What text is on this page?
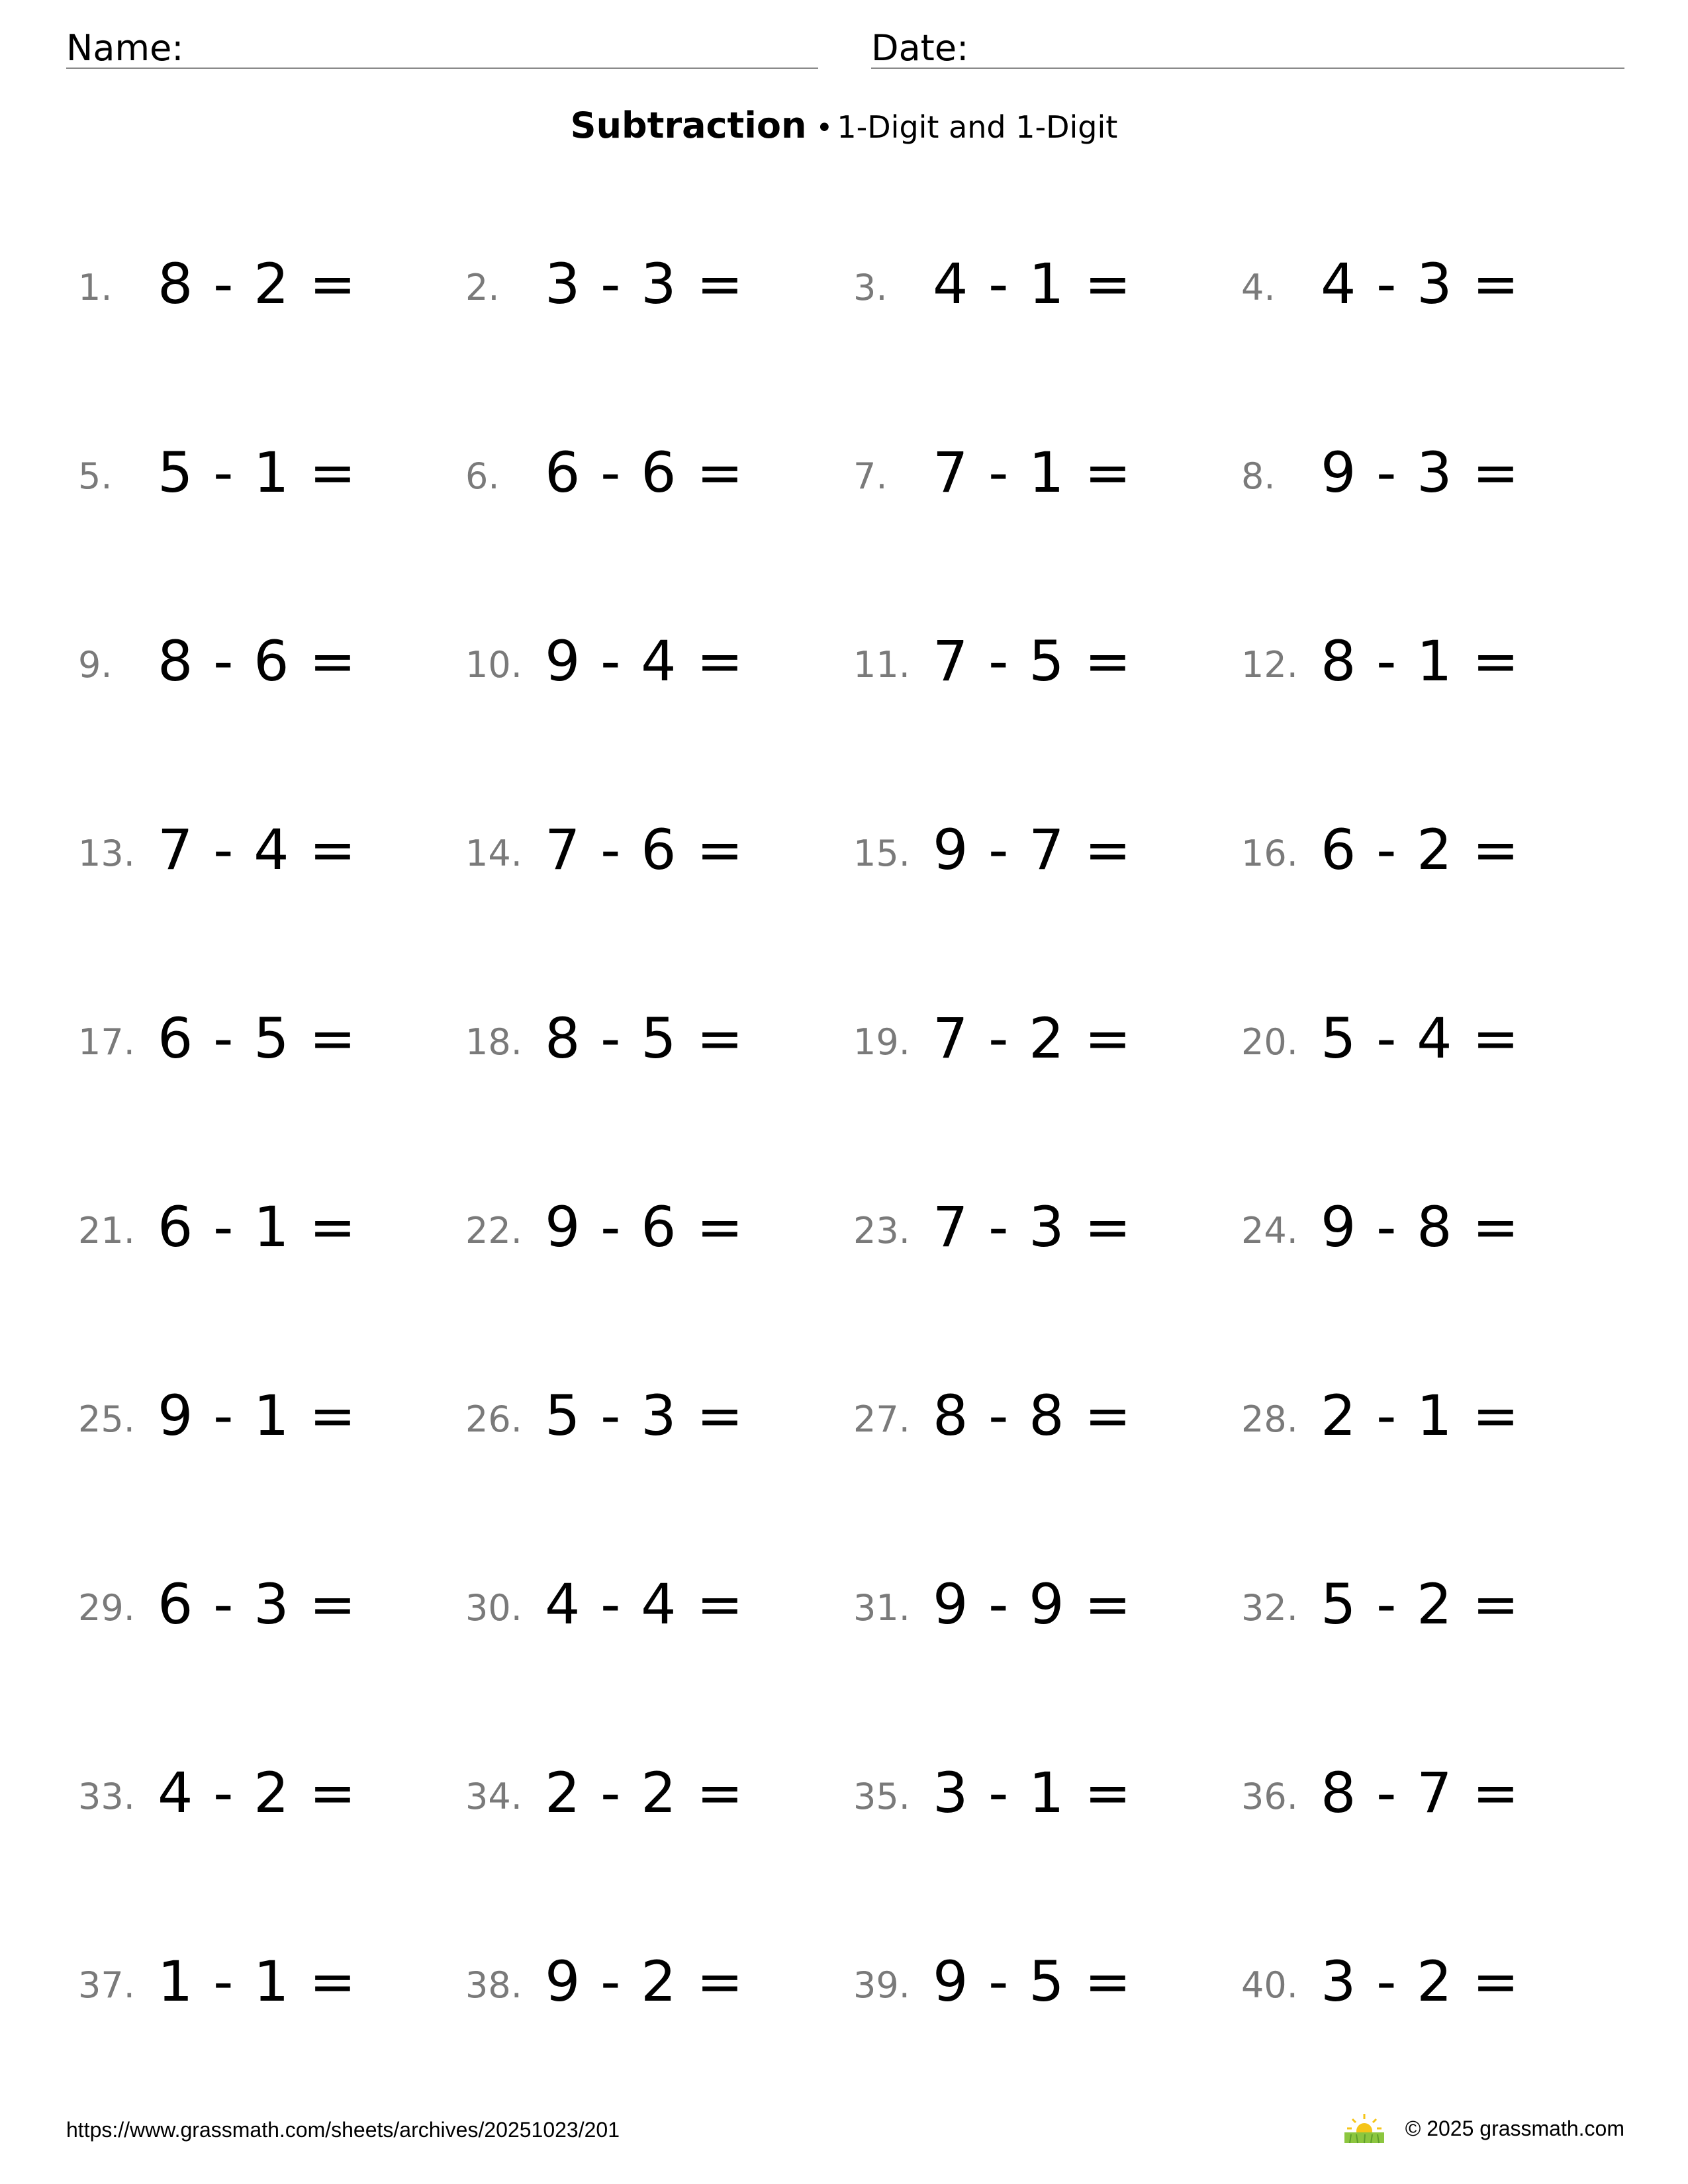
Name:	Date:
Subtraction • 1-Digit and 1-Digit
1. 8 - 2 =	2. 3 - 3 =	3. 4 - 1 =	4. 4 - 3 =
5. 5 - 1 =	6. 6 - 6 =	7. 7 - 1 =	8. 9 - 3 =
9. 8 - 6 =	10. 9 - 4 =	11. 7 - 5 =	12. 8 - 1 =
13. 7 - 4 =	14. 7 - 6 =	15. 9 - 7 =	16. 6 - 2 =
17. 6 - 5 =	18. 8 - 5 =	19. 7 - 2 =	20. 5 - 4 =
21. 6 - 1 =	22. 9 - 6 =	23. 7 - 3 =	24. 9 - 8 =
25. 9 - 1 =	26. 5 - 3 =	27. 8 - 8 =	28. 2 - 1 =
29. 6 - 3 =	30. 4 - 4 =	31. 9 - 9 =	32. 5 - 2 =
33. 4 - 2 =	34. 2 - 2 =	35. 3 - 1 =	36. 8 - 7 =
37. 1 - 1 =	38. 9 - 2 =	39. 9 - 5 =	40. 3 - 2 =
https://www.grassmath.com/sheets/archives/20251023/201	© 2025 grassmath.com
